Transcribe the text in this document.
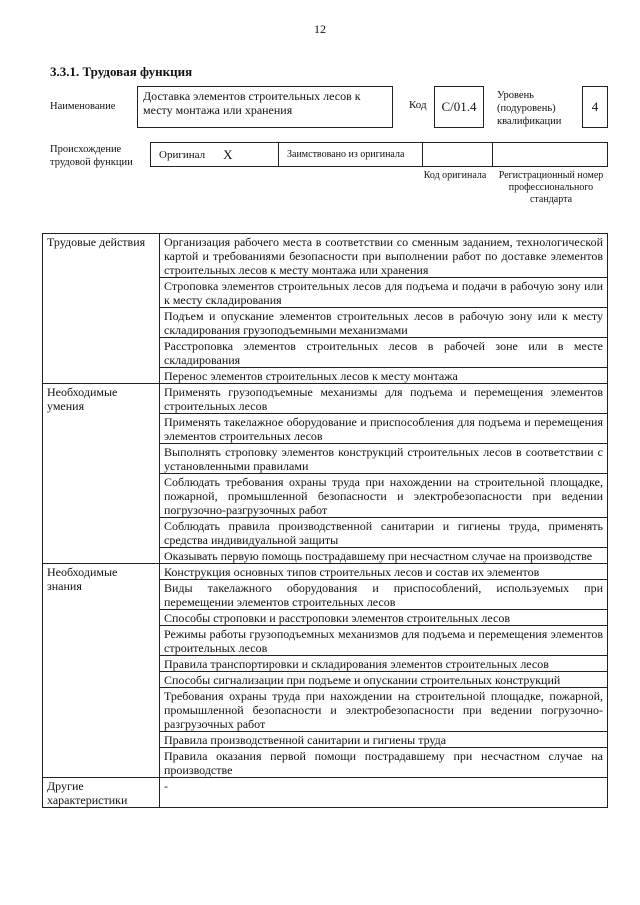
12
3.3.1. Трудовая функция
Наименование
Доставка элементов строительных лесов к месту монтажа или хранения	Код	С/01.4
Уровень (подуровень) квалификации
4
Происхождение трудовой функции
Оригинал X	Заимствовано из оригинала
Код оригинала	Регистрационный номер профессионального стандарта
Трудовые действия	Организация рабочего места в соответствии со сменным заданием, технологической картой и требованиями безопасности при выполнении работ по доставке элементов строительных лесов к месту монтажа или хранения
	Строповка элементов строительных лесов для подъема и подачи в рабочую зону или к месту складирования
	Подъем и опускание элементов строительных лесов в рабочую зону или к месту складирования грузоподъемными механизмами
	Расстроповка элементов строительных лесов в рабочей зоне или в месте складирования
	Перенос элементов строительных лесов к месту монтажа
Необходимые умения	Применять грузоподъемные механизмы для подъема и перемещения элементов строительных лесов
	Применять такелажное оборудование и приспособления для подъема и перемещения элементов строительных лесов
	Выполнять строповку элементов конструкций строительных лесов в соответствии с установленными правилами
	Соблюдать требования охраны труда при нахождении на строительной площадке, пожарной, промышленной безопасности и электробезопасности при ведении погрузочно-разгрузочных работ
	Соблюдать правила производственной санитарии и гигиены труда, применять средства индивидуальной защиты
	Оказывать первую помощь пострадавшему при несчастном случае на производстве
Необходимые знания	Конструкция основных типов строительных лесов и состав их элементов
	Виды такелажного оборудования и приспособлений, используемых при перемещении элементов строительных лесов
	Способы строповки и расстроповки элементов строительных лесов
	Режимы работы грузоподъемных механизмов для подъема и перемещения элементов строительных лесов
	Правила транспортировки и складирования элементов строительных лесов
	Способы сигнализации при подъеме и опускании строительных конструкций
	Требования охраны труда при нахождении на строительной площадке, пожарной, промышленной безопасности и электробезопасности при ведении погрузочно-разгрузочных работ
	Правила производственной санитарии и гигиены труда
	Правила оказания первой помощи пострадавшему при несчастном случае на производстве
Другие характеристики	-
